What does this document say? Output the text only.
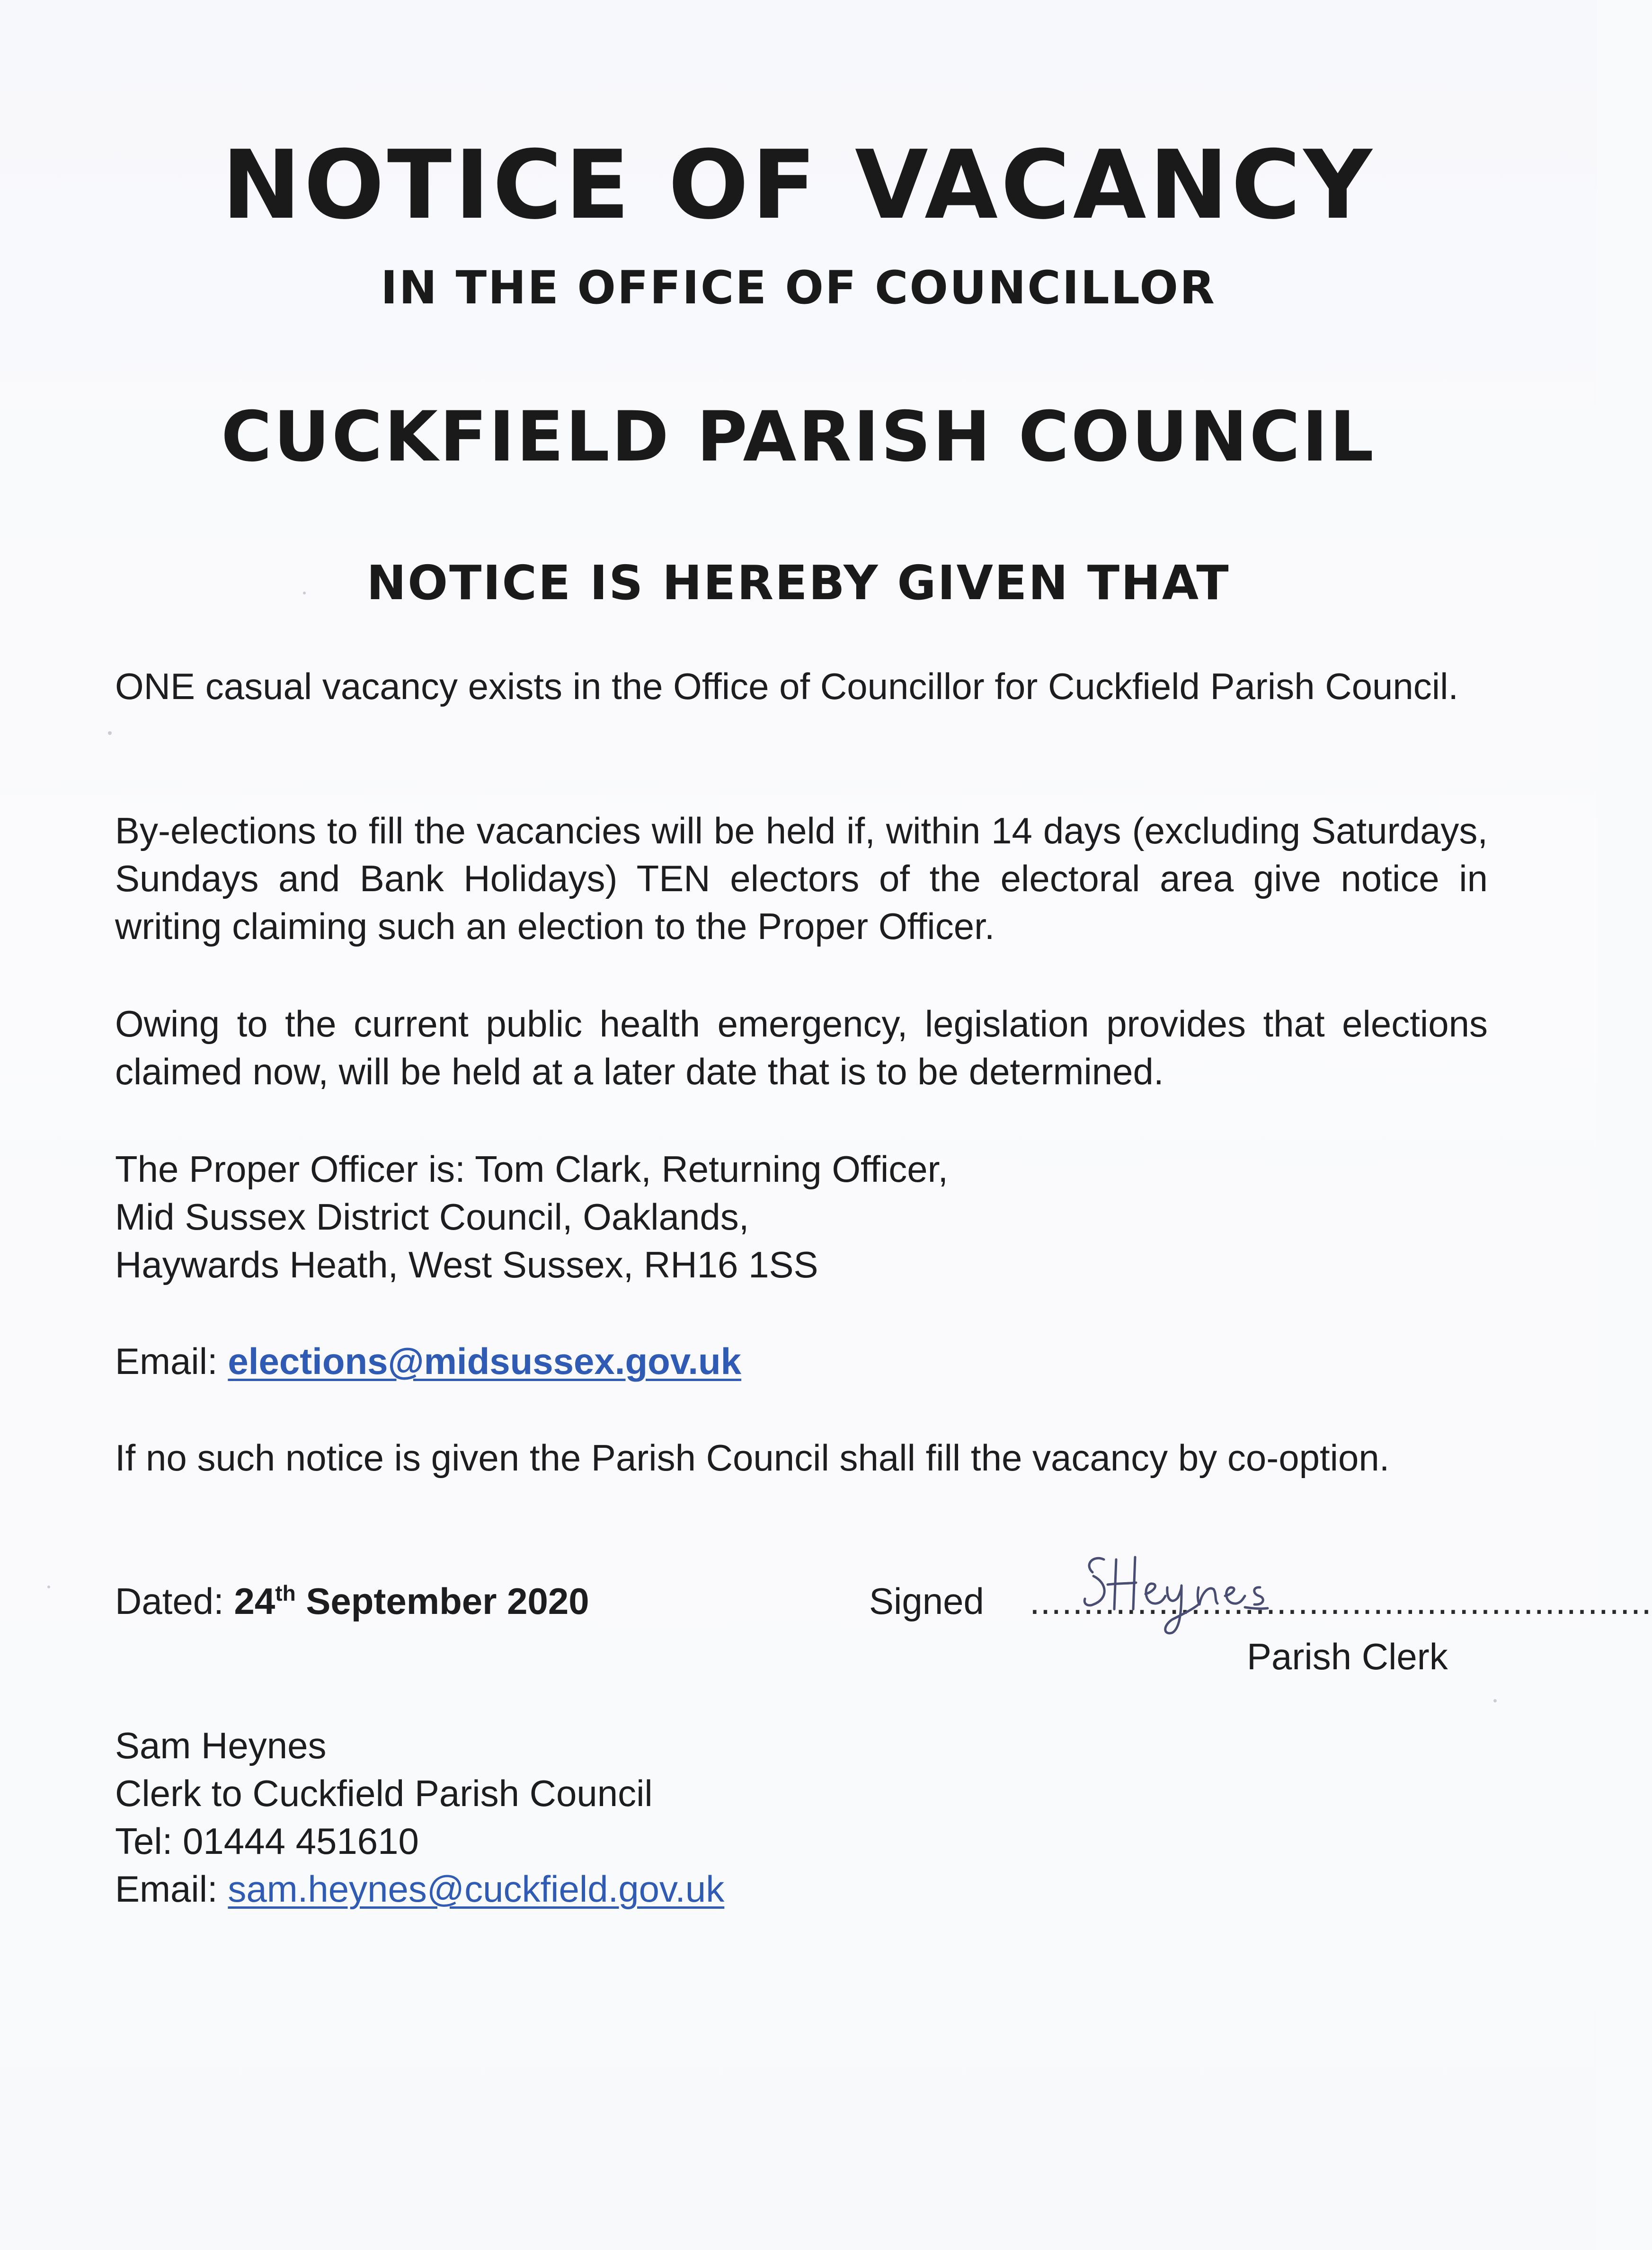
NOTICE OF VACANCY
IN THE OFFICE OF COUNCILLOR
CUCKFIELD PARISH COUNCIL
NOTICE IS HEREBY GIVEN THAT

ONE casual vacancy exists in the Office of Councillor for Cuckfield Parish Council.

By-elections to fill the vacancies will be held if, within 14 days (excluding Saturdays, Sundays and Bank Holidays) TEN electors of the electoral area give notice in writing claiming such an election to the Proper Officer.

Owing to the current public health emergency, legislation provides that elections claimed now, will be held at a later date that is to be determined.

The Proper Officer is: Tom Clark, Returning Officer,
Mid Sussex District Council, Oaklands,
Haywards Heath, West Sussex, RH16 1SS
Email: elections@midsussex.gov.uk

If no such notice is given the Parish Council shall fill the vacancy by co-option.

Dated: 24th September 2020	Signed ..........................................................
Parish Clerk
Sam Heynes
Clerk to Cuckfield Parish Council
Tel: 01444 451610
Email: sam.heynes@cuckfield.gov.uk
